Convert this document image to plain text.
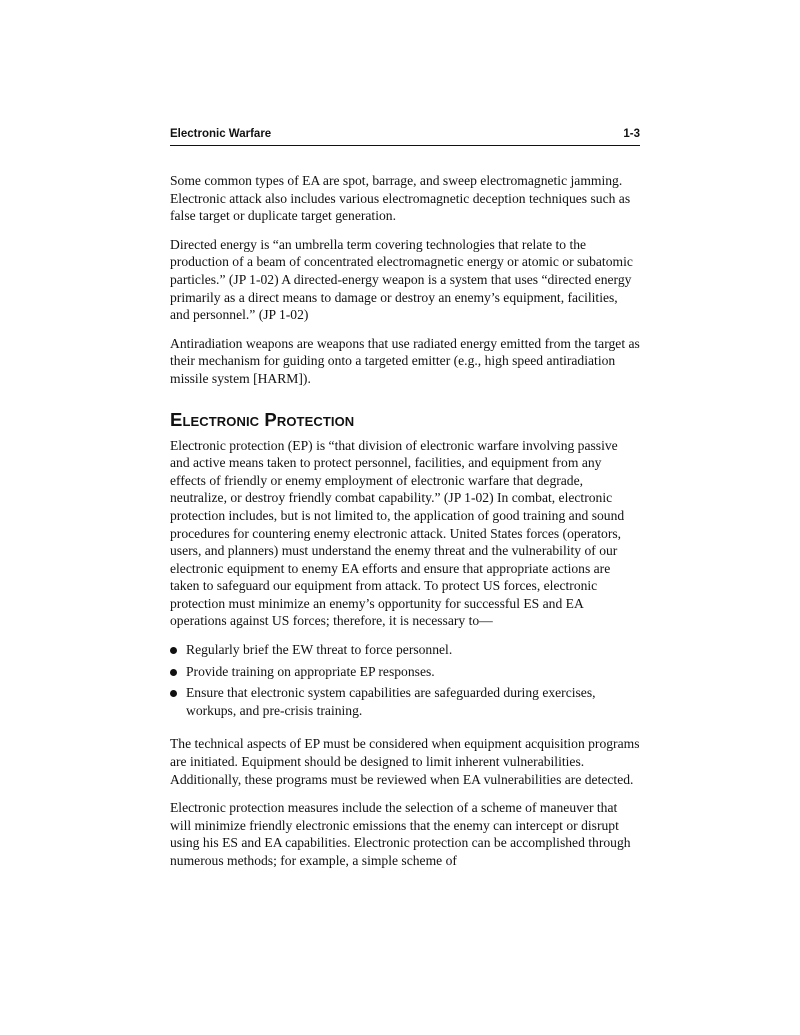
Electronic Warfare	1-3

Some common types of EA are spot, barrage, and sweep electromagnetic jamming. Electronic attack also includes various electromagnetic deception techniques such as false target or duplicate target generation.

Directed energy is “an umbrella term covering technologies that relate to the production of a beam of concentrated electromagnetic energy or atomic or subatomic particles.” (JP 1-02) A directed-energy weapon is a system that uses “directed energy primarily as a direct means to damage or destroy an enemy’s equipment, facilities, and personnel.” (JP 1-02)

Antiradiation weapons are weapons that use radiated energy emitted from the target as their mechanism for guiding onto a targeted emitter (e.g., high speed antiradiation missile system [HARM]).

Electronic Protection

Electronic protection (EP) is “that division of electronic warfare involving passive and active means taken to protect personnel, facilities, and equipment from any effects of friendly or enemy employment of electronic warfare that degrade, neutralize, or destroy friendly combat capability.” (JP 1-02) In combat, electronic protection includes, but is not limited to, the application of good training and sound procedures for countering enemy electronic attack. United States forces (operators, users, and planners) must understand the enemy threat and the vulnerability of our electronic equipment to enemy EA efforts and ensure that appropriate actions are taken to safeguard our equipment from attack. To protect US forces, electronic protection must minimize an enemy’s opportunity for successful ES and EA operations against US forces; therefore, it is necessary to—

Regularly brief the EW threat to force personnel.
Provide training on appropriate EP responses.
Ensure that electronic system capabilities are safeguarded during exercises, workups, and pre-crisis training.

The technical aspects of EP must be considered when equipment acquisition programs are initiated. Equipment should be designed to limit inherent vulnerabilities. Additionally, these programs must be reviewed when EA vulnerabilities are detected.

Electronic protection measures include the selection of a scheme of maneuver that will minimize friendly electronic emissions that the enemy can intercept or disrupt using his ES and EA capabilities. Electronic protection can be accomplished through numerous methods; for example, a simple scheme of
